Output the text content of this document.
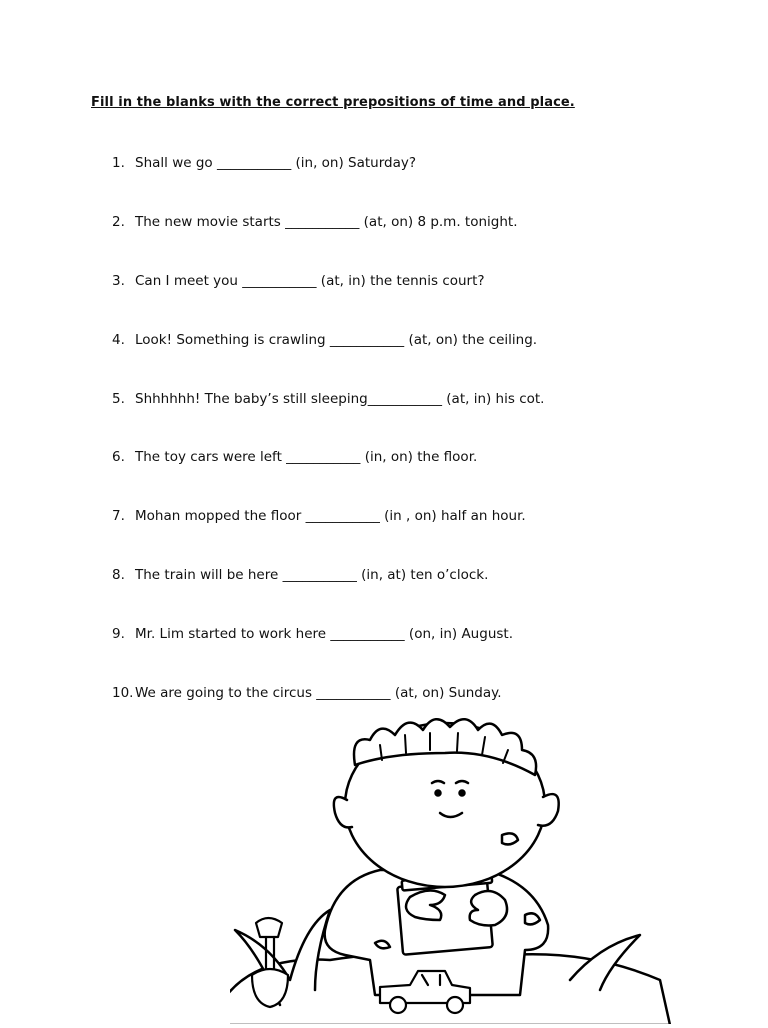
Fill in the blanks with the correct prepositions of time and place.
1. Shall we go ___________ (in, on) Saturday?
2. The new movie starts ___________ (at, on) 8 p.m. tonight.
3. Can I meet you ___________ (at, in) the tennis court?
4. Look! Something is crawling ___________ (at, on) the ceiling.
5. Shhhhhh! The baby’s still sleeping___________ (at, in) his cot.
6. The toy cars were left ___________ (in, on) the floor.
7. Mohan mopped the floor ___________ (in , on) half an hour.
8. The train will be here ___________ (in, at) ten o’clock.
9. Mr. Lim started to work here ___________ (on, in) August.
10. We are going to the circus ___________ (at, on) Sunday.
